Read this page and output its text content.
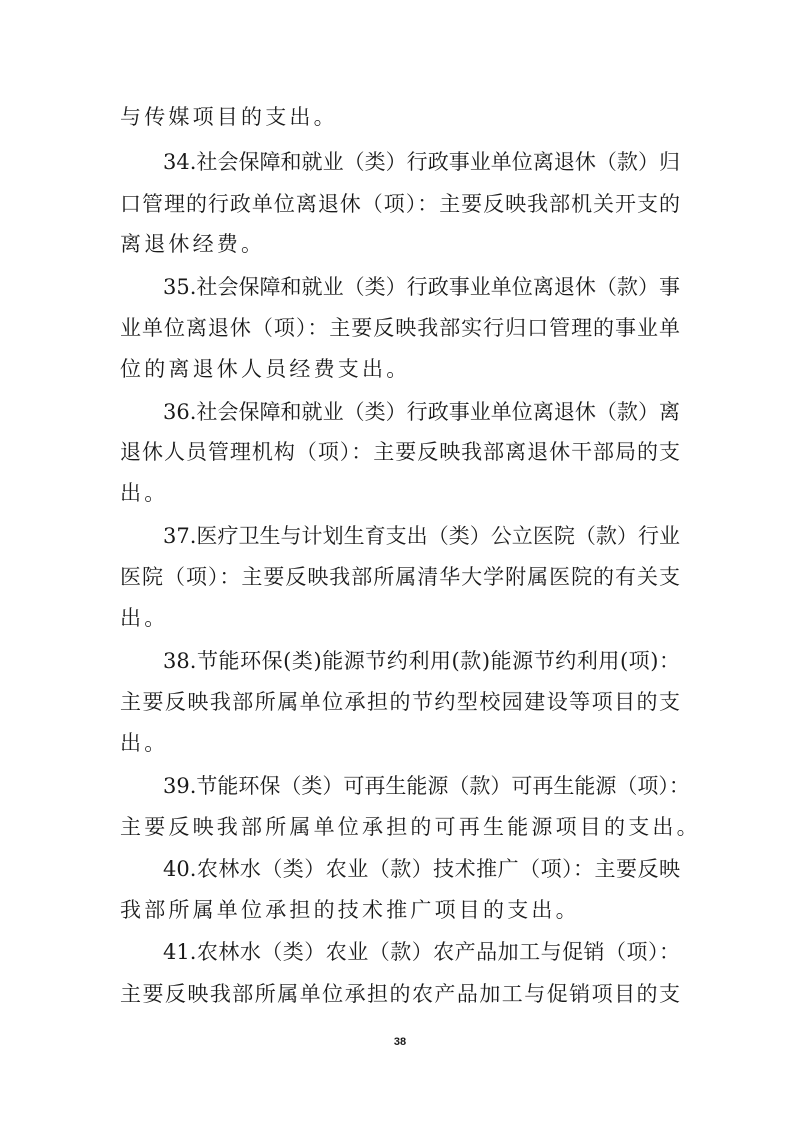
与传媒项目的支出。
34.社会保障和就业（类）行政事业单位离退休（款）归
口管理的行政单位离退休（项）：主要反映我部机关开支的
离退休经费。
35.社会保障和就业（类）行政事业单位离退休（款）事
业单位离退休（项）：主要反映我部实行归口管理的事业单
位的离退休人员经费支出。
36.社会保障和就业（类）行政事业单位离退休（款）离
退休人员管理机构（项）：主要反映我部离退休干部局的支
出。
37.医疗卫生与计划生育支出（类）公立医院（款）行业
医院（项）：主要反映我部所属清华大学附属医院的有关支
出。
38.节能环保(类)能源节约利用(款)能源节约利用(项)：
主要反映我部所属单位承担的节约型校园建设等项目的支
出。
39.节能环保（类）可再生能源（款）可再生能源（项）：
主要反映我部所属单位承担的可再生能源项目的支出。
40.农林水（类）农业（款）技术推广（项）：主要反映
我部所属单位承担的技术推广项目的支出。
41.农林水（类）农业（款）农产品加工与促销（项）：
主要反映我部所属单位承担的农产品加工与促销项目的支
38
